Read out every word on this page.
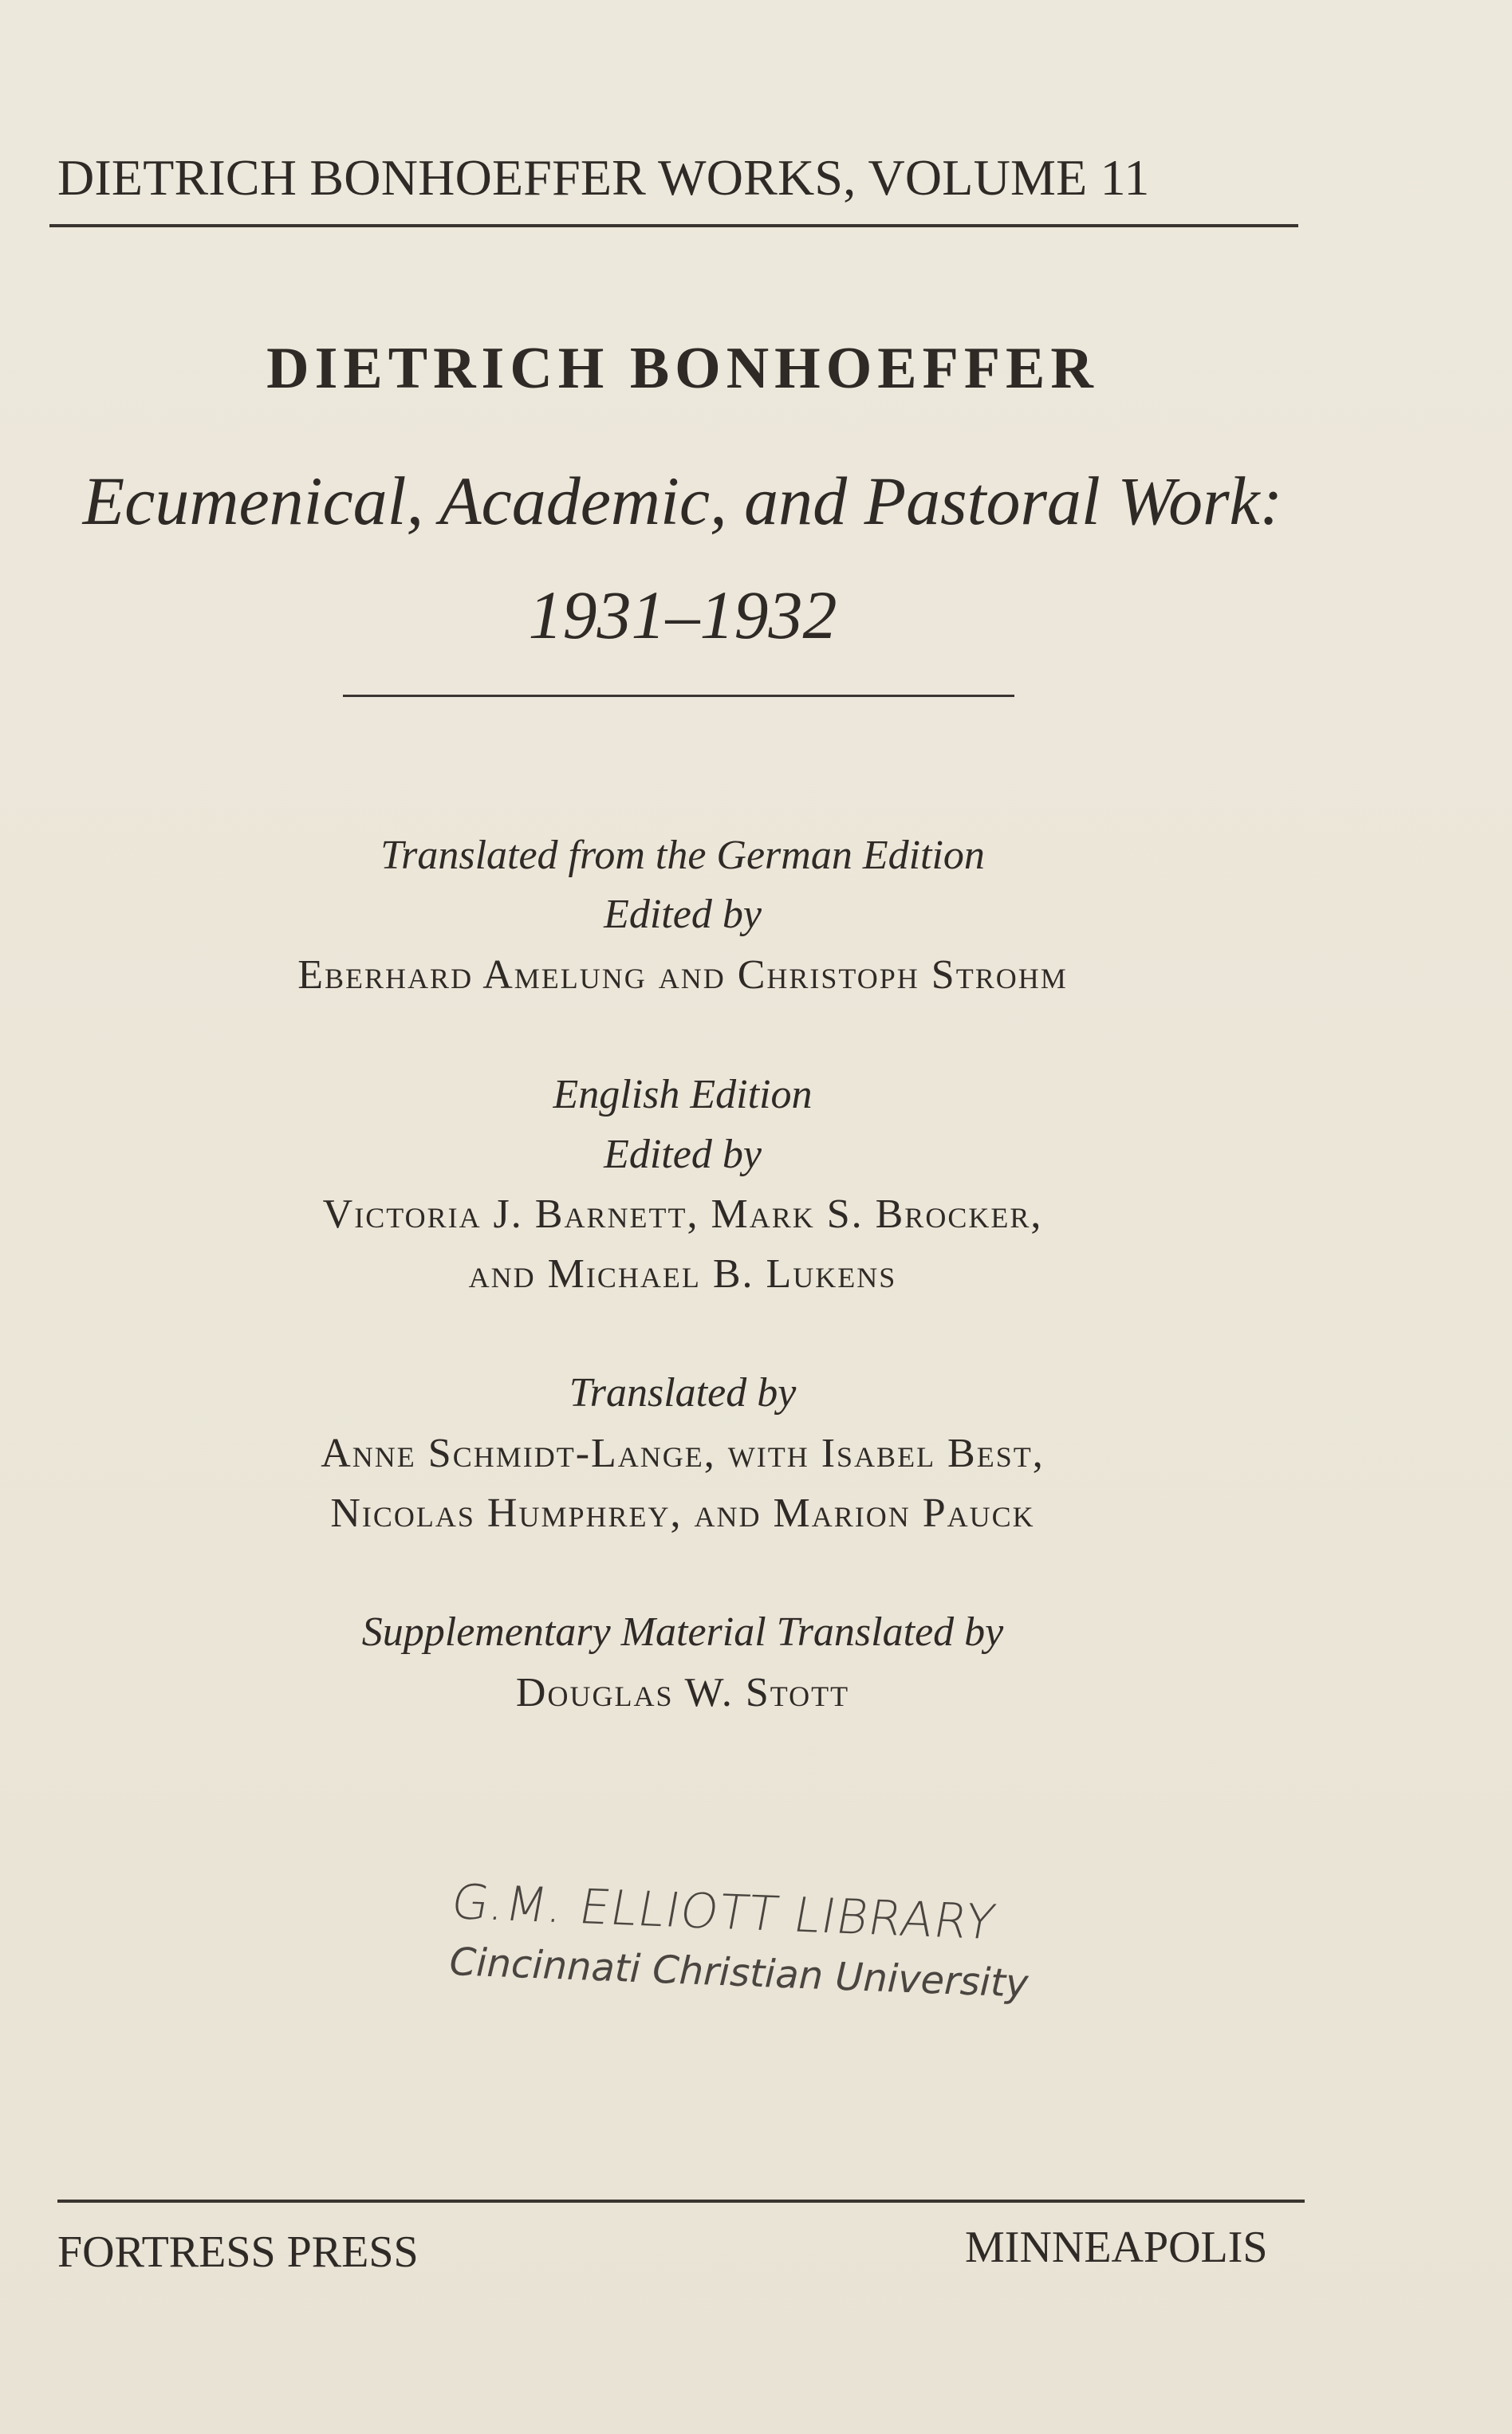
DIETRICH BONHOEFFER WORKS, VOLUME 11
DIETRICH BONHOEFFER
Ecumenical, Academic, and Pastoral Work:
1931–1932
Translated from the German Edition
Edited by
Eberhard Amelung and Christoph Strohm
English Edition
Edited by
Victoria J. Barnett, Mark S. Brocker,
and Michael B. Lukens
Translated by
Anne Schmidt-Lange, with Isabel Best,
Nicolas Humphrey, and Marion Pauck
Supplementary Material Translated by
Douglas W. Stott
G.M. ELLIOTT LIBRARY
Cincinnati Christian University
FORTRESS PRESS	MINNEAPOLIS
